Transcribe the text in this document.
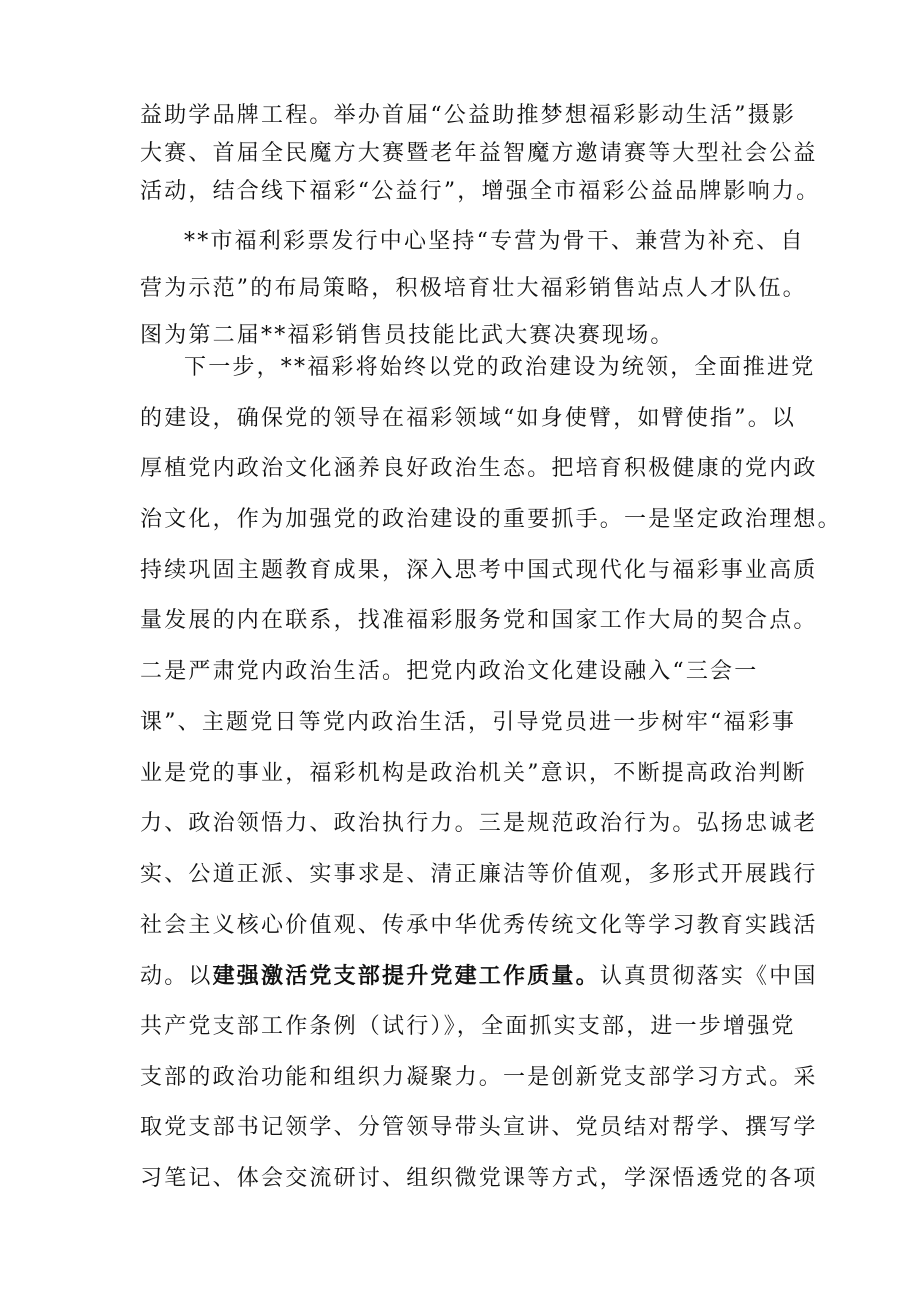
益助学品牌工程。举办首届“公益助推梦想福彩影动生活”摄影
大赛、首届全民魔方大赛暨老年益智魔方邀请赛等大型社会公益
活动，结合线下福彩“公益行”，增强全市福彩公益品牌影响力。
**市福利彩票发行中心坚持“专营为骨干、兼营为补充、自
营为示范”的布局策略，积极培育壮大福彩销售站点人才队伍。
图为第二届**福彩销售员技能比武大赛决赛现场。
下一步，**福彩将始终以党的政治建设为统领，全面推进党
的建设，确保党的领导在福彩领域“如身使臂，如臂使指”。以
厚植党内政治文化涵养良好政治生态。把培育积极健康的党内政
治文化，作为加强党的政治建设的重要抓手。一是坚定政治理想。
持续巩固主题教育成果，深入思考中国式现代化与福彩事业高质
量发展的内在联系，找准福彩服务党和国家工作大局的契合点。
二是严肃党内政治生活。把党内政治文化建设融入“三会一
课”、主题党日等党内政治生活，引导党员进一步树牢“福彩事
业是党的事业，福彩机构是政治机关”意识，不断提高政治判断
力、政治领悟力、政治执行力。三是规范政治行为。弘扬忠诚老
实、公道正派、实事求是、清正廉洁等价值观，多形式开展践行
社会主义核心价值观、传承中华优秀传统文化等学习教育实践活
动。以建强激活党支部提升党建工作质量。认真贯彻落实《中国
共产党支部工作条例（试行）》，全面抓实支部，进一步增强党
支部的政治功能和组织力凝聚力。一是创新党支部学习方式。采
取党支部书记领学、分管领导带头宣讲、党员结对帮学、撰写学
习笔记、体会交流研讨、组织微党课等方式，学深悟透党的各项
